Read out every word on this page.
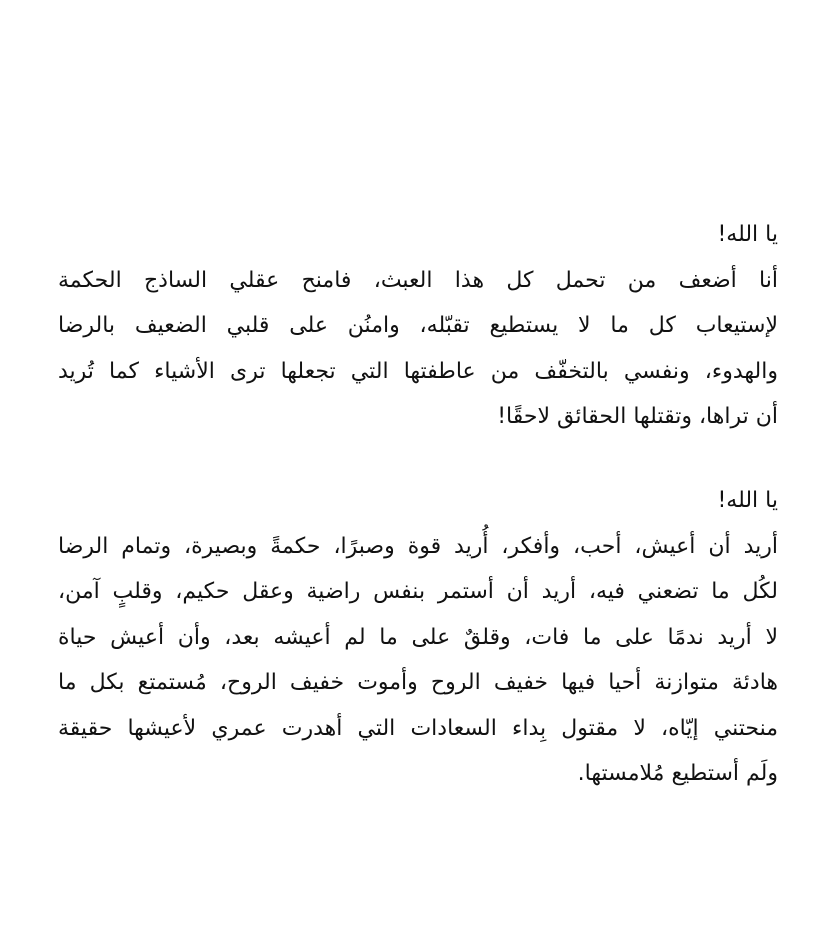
يا الله!
أنا أضعف من تحمل كل هذا العبث، فامنح عقلي الساذج الحكمة
لإستيعاب كل ما لا يستطيع تقبّله، وامنُن على قلبي الضعيف بالرضا
والهدوء، ونفسي بالتخفّف من عاطفتها التي تجعلها ترى الأشياء كما تُريد
أن تراها، وتقتلها الحقائق لاحقًا!
يا الله!
أريد أن أعيش، أحب، وأفكر، أُريد قوة وصبرًا، حكمةً وبصيرة، وتمام الرضا
لكُل ما تضعني فيه، أريد أن أستمر بنفس راضية وعقل حكيم، وقلبٍ آمن،
لا أريد ندمًا على ما فات، وقلقٌ على ما لم أعيشه بعد، وأن أعيش حياة
هادئة متوازنة أحيا فيها خفيف الروح وأموت خفيف الروح، مُستمتع بكل ما
منحتني إيّاه، لا مقتول بِداء السعادات التي أهدرت عمري لأعيشها حقيقة
ولَم أستطيع مُلامستها.
